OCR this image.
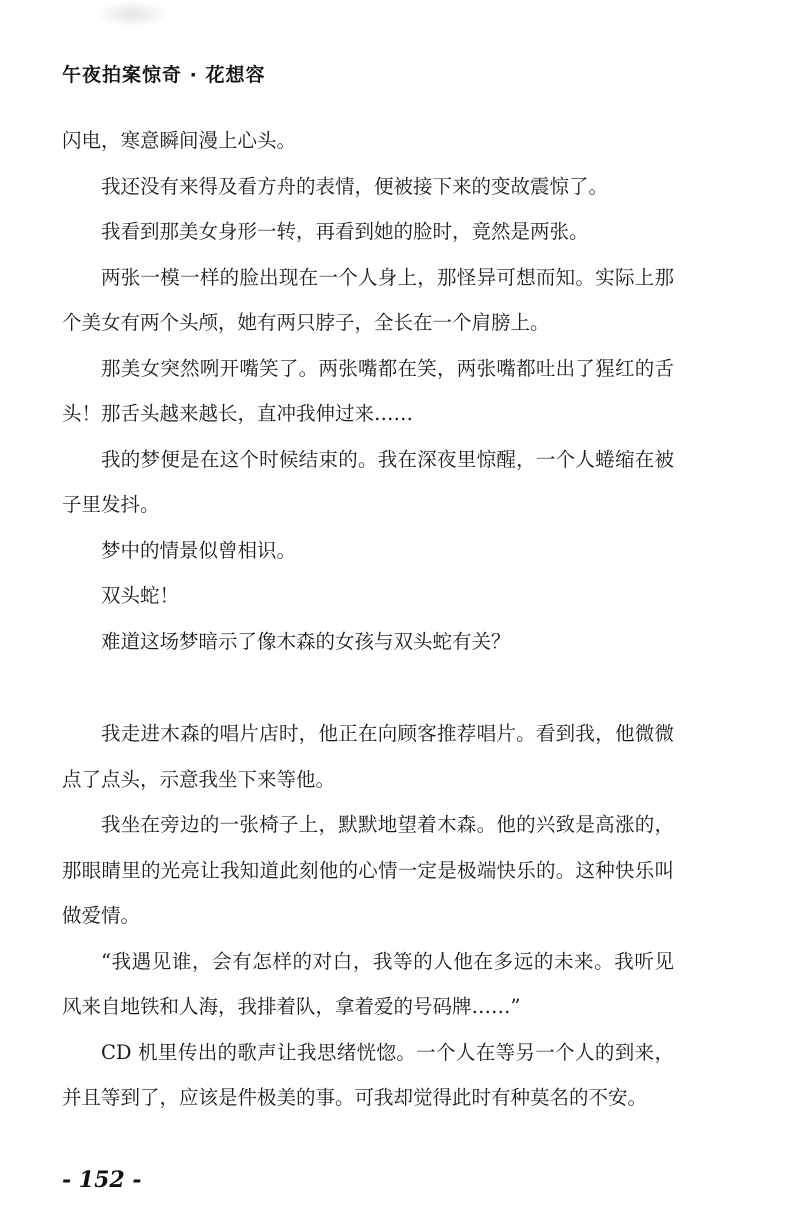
午夜拍案惊奇 · 花想容

闪电，寒意瞬间漫上心头。

我还没有来得及看方舟的表情，便被接下来的变故震惊了。

我看到那美女身形一转，再看到她的脸时，竟然是两张。

两张一模一样的脸出现在一个人身上，那怪异可想而知。实际上那个美女有两个头颅，她有两只脖子，全长在一个肩膀上。

那美女突然咧开嘴笑了。两张嘴都在笑，两张嘴都吐出了猩红的舌头！那舌头越来越长，直冲我伸过来……

我的梦便是在这个时候结束的。我在深夜里惊醒，一个人蜷缩在被子里发抖。

梦中的情景似曾相识。

双头蛇！

难道这场梦暗示了像木森的女孩与双头蛇有关？

我走进木森的唱片店时，他正在向顾客推荐唱片。看到我，他微微点了点头，示意我坐下来等他。

我坐在旁边的一张椅子上，默默地望着木森。他的兴致是高涨的，那眼睛里的光亮让我知道此刻他的心情一定是极端快乐的。这种快乐叫做爱情。

“我遇见谁，会有怎样的对白，我等的人他在多远的未来。我听见风来自地铁和人海，我排着队，拿着爱的号码牌……”

CD 机里传出的歌声让我思绪恍惚。一个人在等另一个人的到来，并且等到了，应该是件极美的事。可我却觉得此时有种莫名的不安。

- 152 -
